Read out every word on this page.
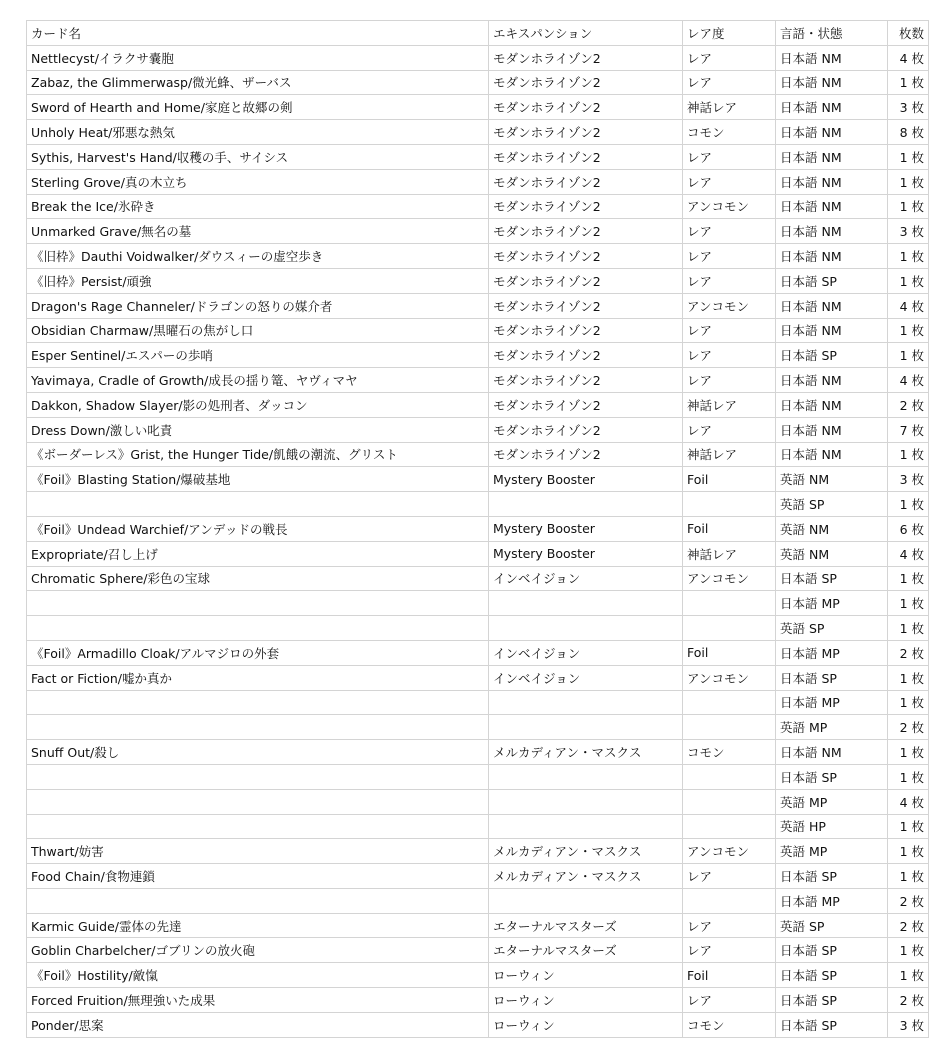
カード名	エキスパンション	レア度	言語・状態	枚数
Nettlecyst/イラクサ嚢胞	モダンホライゾン2	レア	日本語 NM	4 枚
Zabaz, the Glimmerwasp/微光蜂、ザーバス	モダンホライゾン2	レア	日本語 NM	1 枚
Sword of Hearth and Home/家庭と故郷の剣	モダンホライゾン2	神話レア	日本語 NM	3 枚
Unholy Heat/邪悪な熱気	モダンホライゾン2	コモン	日本語 NM	8 枚
Sythis, Harvest's Hand/収穫の手、サイシス	モダンホライゾン2	レア	日本語 NM	1 枚
Sterling Grove/真の木立ち	モダンホライゾン2	レア	日本語 NM	1 枚
Break the Ice/氷砕き	モダンホライゾン2	アンコモン	日本語 NM	1 枚
Unmarked Grave/無名の墓	モダンホライゾン2	レア	日本語 NM	3 枚
《旧枠》Dauthi Voidwalker/ダウスィーの虚空歩き	モダンホライゾン2	レア	日本語 NM	1 枚
《旧枠》Persist/頑強	モダンホライゾン2	レア	日本語 SP	1 枚
Dragon's Rage Channeler/ドラゴンの怒りの媒介者	モダンホライゾン2	アンコモン	日本語 NM	4 枚
Obsidian Charmaw/黒曜石の焦がし口	モダンホライゾン2	レア	日本語 NM	1 枚
Esper Sentinel/エスパーの歩哨	モダンホライゾン2	レア	日本語 SP	1 枚
Yavimaya, Cradle of Growth/成長の揺り篭、ヤヴィマヤ	モダンホライゾン2	レア	日本語 NM	4 枚
Dakkon, Shadow Slayer/影の処刑者、ダッコン	モダンホライゾン2	神話レア	日本語 NM	2 枚
Dress Down/激しい叱責	モダンホライゾン2	レア	日本語 NM	7 枚
《ボーダーレス》Grist, the Hunger Tide/飢餓の潮流、グリスト	モダンホライゾン2	神話レア	日本語 NM	1 枚
《Foil》Blasting Station/爆破基地	Mystery Booster	Foil	英語 NM	3 枚
			英語 SP	1 枚
《Foil》Undead Warchief/アンデッドの戦長	Mystery Booster	Foil	英語 NM	6 枚
Expropriate/召し上げ	Mystery Booster	神話レア	英語 NM	4 枚
Chromatic Sphere/彩色の宝球	インベイジョン	アンコモン	日本語 SP	1 枚
			日本語 MP	1 枚
			英語 SP	1 枚
《Foil》Armadillo Cloak/アルマジロの外套	インベイジョン	Foil	日本語 MP	2 枚
Fact or Fiction/嘘か真か	インベイジョン	アンコモン	日本語 SP	1 枚
			日本語 MP	1 枚
			英語 MP	2 枚
Snuff Out/殺し	メルカディアン・マスクス	コモン	日本語 NM	1 枚
			日本語 SP	1 枚
			英語 MP	4 枚
			英語 HP	1 枚
Thwart/妨害	メルカディアン・マスクス	アンコモン	英語 MP	1 枚
Food Chain/食物連鎖	メルカディアン・マスクス	レア	日本語 SP	1 枚
			日本語 MP	2 枚
Karmic Guide/霊体の先達	エターナルマスターズ	レア	英語 SP	2 枚
Goblin Charbelcher/ゴブリンの放火砲	エターナルマスターズ	レア	日本語 SP	1 枚
《Foil》Hostility/敵愾	ローウィン	Foil	日本語 SP	1 枚
Forced Fruition/無理強いた成果	ローウィン	レア	日本語 SP	2 枚
Ponder/思案	ローウィン	コモン	日本語 SP	3 枚
